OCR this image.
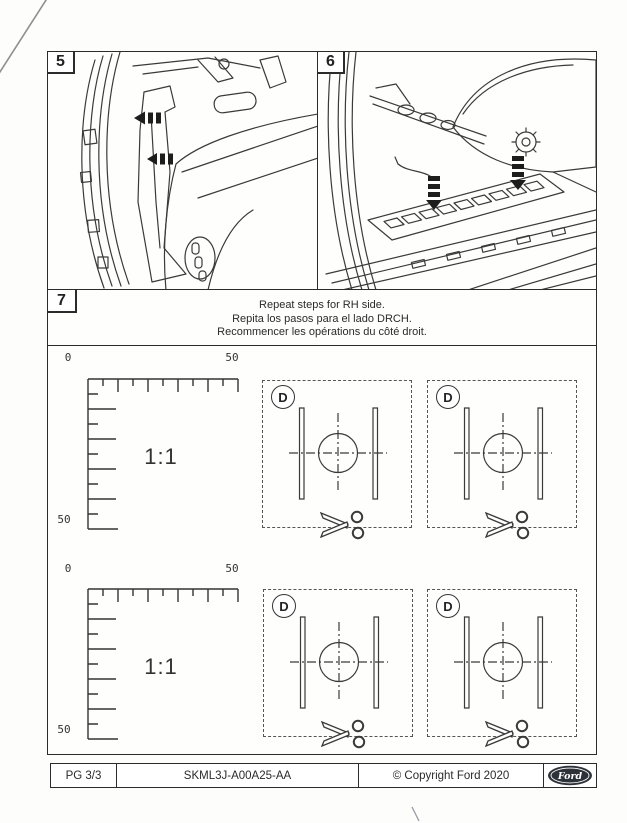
5	6
7	Repeat steps for RH side.
Repita los pasos para el lado DRCH.
Recommencer les opérations du côté droit.
0	50
50
1:1
0	50
50
1:1
D	D
D	D
PG 3/3	SKML3J-A00A25-AA	© Copyright Ford 2020	Ford
